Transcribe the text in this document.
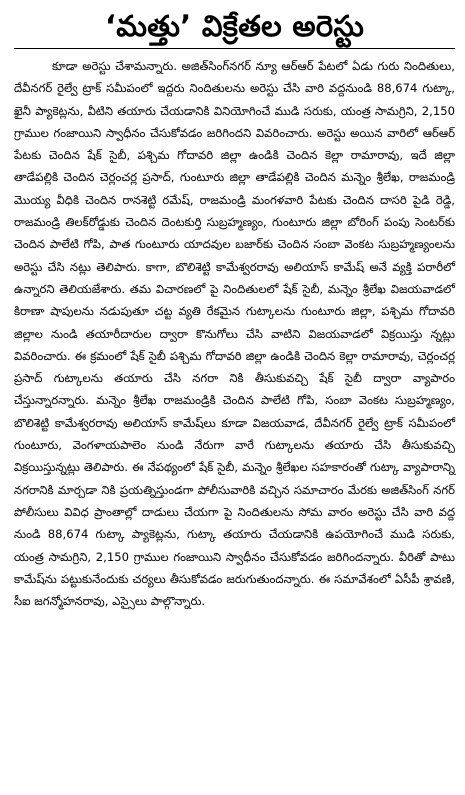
‘మత్తు’ విక్రేతల అరెస్టు

కూడా అరెస్టు చేశామన్నారు. అజిత్‌సింగ్‌నగర్ న్యూ ఆర్‌ఆర్ పేటలో ఏడు గురు నిందితులు, దేవీనగర్ రైల్వే ట్రాక్ సమీపంలో ఇద్దరు నిందితులను అరెస్టు చేసి వారి వద్దనుండి 88,674 గుట్కా, ఖైనీ ప్యాకెట్లను, వీటిని తయారు చేయడానికి వినియోగించే ముడి సరుకు, యంత్ర సామగ్రిని, 2,150 గ్రాముల గంజాయిని స్వాధీనం చేసుకోవడం జరిగిందని వివరించారు. అరెస్టు అయిన వారిలో ఆర్‌ఆర్ పేటకు చెందిన షేక్ సైబీ, పశ్చిమ గోదావరి జిల్లా ఉండికి చెందిన కెల్లా రామారావు, ఇదే జిల్లా తాడేపల్లికి చెందిన చెర్లంచర్ల ప్రసాద్, గుంటూరు జిల్లా తాడేపల్లికి చెందిన మన్నెం శ్రీలేఖ, రాజమండ్రి మొయ్య వీధికి చెందిన రానశెట్టి రమేష్, రాజమండ్రి మంగళవారి పేటకు చెందిన దాసరి పైడి రెడ్డి, రాజమండ్రి తిలక్‌రోడ్డుకు చెందిన దెంటకుర్తి సుబ్రహ్మణ్యం, గుంటూరు జిల్లా బోరింగ్ పంపు సెంటర్‌కు చెందిన పాలేటి గోపి, పాత గుంటూరు యాదవుల బజార్‌కు చెందిన సంబా వెంకట సుబ్రహ్మణ్యంలను అరెస్టు చేసి నట్లు తెలిపారు. కాగా, బొలిశెట్టి కామేశ్వరరావు అలియాస్ కామేష్ అనే వ్యక్తి పరారీలో ఉన్నారని తెలియజేశారు. తమ విచారణలో పై నిందితులలో షేక్ సైబీ, మన్నెం శ్రీలేఖ విజయవాడలో కిరాణా షాపులను నడుపుతూ చట్ట వ్యతి రేకమైన గుట్కాలను గుంటూరు జిల్లా, పశ్చిమ గోదావరి జిల్లాల నుండి తయారీదారుల ద్వారా కొనుగోలు చేసి వాటిని విజయవాడలో విక్రయిస్తు న్నట్లు వివరించారు. ఈ క్రమంలో షేక్ సైబీ పశ్చిమ గోదావరి జిల్లా ఉండికి చెందిన కెల్లా రామారావు, చెర్లంచర్ల ప్రసాద్ గుట్కాలను తయారు చేసి నగరా నికి తీసుకువచ్చి షేక్ సైబీ ద్వారా వ్యాపారం చేస్తున్నారన్నారు. మన్నెం శ్రీలేఖ రాజమండ్రికి చెందిన పాలేటి గోపి, సంబా వెంకట సుబ్రహ్మణ్యం, బొలిశెట్టి కామేశ్వరరావు అలియాస్ కామేష్‌లు కూడా విజయవాడ, దేవీనగర్ రైల్వే ట్రాక్ సమీపంలో గుంటూరు, వెంగళాయపాలెం నుండి నేరుగా వారే గుట్కాలను తయారు చేసి తీసుకువచ్చి విక్రయిస్తున్నట్లు తెలిపారు. ఈ నేపథ్యంలో షేక్ సైబీ, మన్నెం శ్రీలేఖల సహకారంతో గుట్కా వ్యాపారాన్ని నగరానికి మార్చడా నికి ప్రయత్నిస్తుండగా పోలీసువారికి వచ్చిన సమాచారం మేరకు అజిత్‌సింగ్ నగర్ పోలీసులు వివిధ ప్రాంతాల్లో దాడులు చేయగా పై నిందితులను సోమ వారం అరెస్టు చేసి వారి వద్ద నుండి 88,674 గుట్కా ప్యాకెట్లను, గుట్కా తయారు చేయడానికి ఉపయోగించే ముడి సరుకు, యంత్ర సామగ్రిని, 2,150 గ్రాముల గంజాయిని స్వాధీనం చేసుకోవడం జరిగిందన్నారు. వీరితో పాటు కామేష్‌ను పట్టుకునేందుకు చర్యలు తీసుకోవడం జరుగుతుందన్నారు. ఈ సమావేశంలో ఏసీపీ శ్రావణి, సీఐ జగన్మోహనరావు, ఎస్సైలు పాల్గొన్నారు.
